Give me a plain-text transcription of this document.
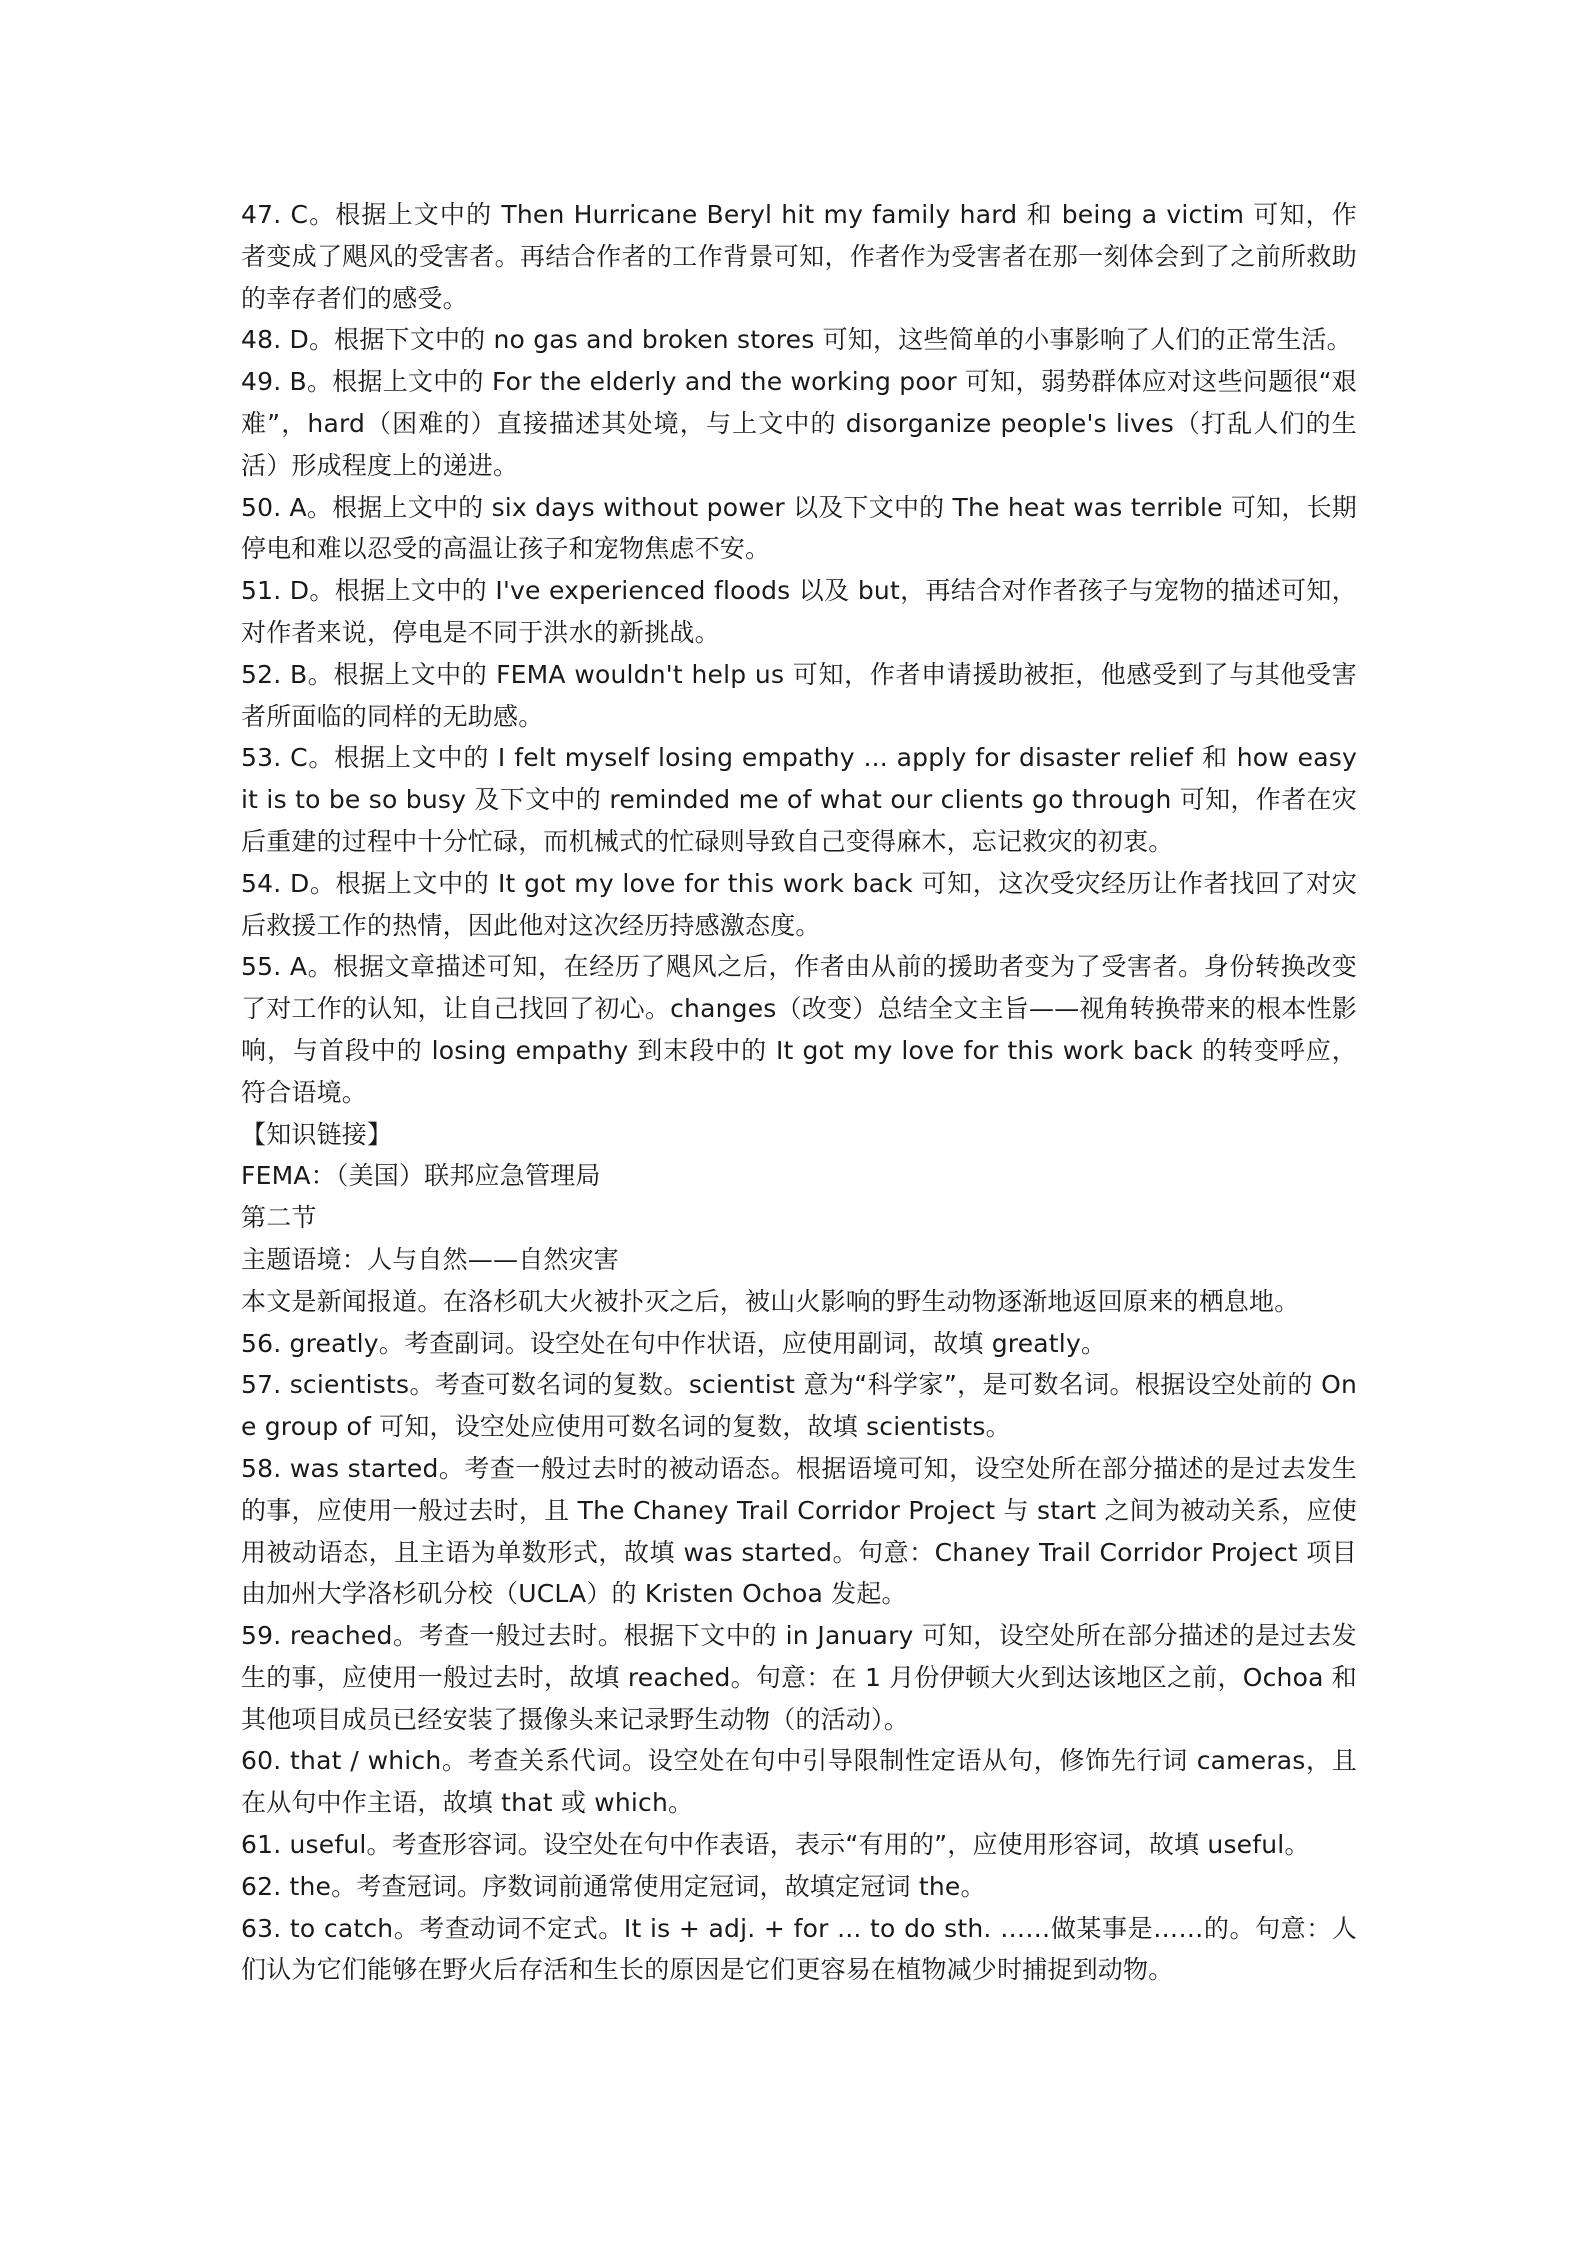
47. C。根据上文中的 Then Hurricane Beryl hit my family hard 和 being a victim 可知，作者变成了飓风的受害者。再结合作者的工作背景可知，作者作为受害者在那一刻体会到了之前所救助的幸存者们的感受。

48. D。根据下文中的 no gas and broken stores 可知，这些简单的小事影响了人们的正常生活。

49. B。根据上文中的 For the elderly and the working poor 可知，弱势群体应对这些问题很“艰难”，hard（困难的）直接描述其处境，与上文中的 disorganize people's lives（打乱人们的生活）形成程度上的递进。

50. A。根据上文中的 six days without power 以及下文中的 The heat was terrible 可知，长期停电和难以忍受的高温让孩子和宠物焦虑不安。

51. D。根据上文中的 I've experienced floods 以及 but，再结合对作者孩子与宠物的描述可知，对作者来说，停电是不同于洪水的新挑战。

52. B。根据上文中的 FEMA wouldn't help us 可知，作者申请援助被拒，他感受到了与其他受害者所面临的同样的无助感。

53. C。根据上文中的 I felt myself losing empathy ... apply for disaster relief 和 how easy it is to be so busy 及下文中的 reminded me of what our clients go through 可知，作者在灾后重建的过程中十分忙碌，而机械式的忙碌则导致自己变得麻木，忘记救灾的初衷。

54. D。根据上文中的 It got my love for this work back 可知，这次受灾经历让作者找回了对灾后救援工作的热情，因此他对这次经历持感激态度。

55. A。根据文章描述可知，在经历了飓风之后，作者由从前的援助者变为了受害者。身份转换改变了对工作的认知，让自己找回了初心。changes（改变）总结全文主旨——视角转换带来的根本性影响，与首段中的 losing empathy 到末段中的 It got my love for this work back 的转变呼应，符合语境。

【知识链接】

FEMA：（美国）联邦应急管理局

第二节

主题语境：人与自然——自然灾害

本文是新闻报道。在洛杉矶大火被扑灭之后，被山火影响的野生动物逐渐地返回原来的栖息地。

56. greatly。考查副词。设空处在句中作状语，应使用副词，故填 greatly。

57. scientists。考查可数名词的复数。scientist 意为“科学家”，是可数名词。根据设空处前的 One group of 可知，设空处应使用可数名词的复数，故填 scientists。

58. was started。考查一般过去时的被动语态。根据语境可知，设空处所在部分描述的是过去发生的事，应使用一般过去时，且 The Chaney Trail Corridor Project 与 start 之间为被动关系，应使用被动语态，且主语为单数形式，故填 was started。句意：Chaney Trail Corridor Project 项目由加州大学洛杉矶分校（UCLA）的 Kristen Ochoa 发起。

59. reached。考查一般过去时。根据下文中的 in January 可知，设空处所在部分描述的是过去发生的事，应使用一般过去时，故填 reached。句意：在 1 月份伊顿大火到达该地区之前，Ochoa 和其他项目成员已经安装了摄像头来记录野生动物（的活动）。

60. that / which。考查关系代词。设空处在句中引导限制性定语从句，修饰先行词 cameras，且在从句中作主语，故填 that 或 which。

61. useful。考查形容词。设空处在句中作表语，表示“有用的”，应使用形容词，故填 useful。

62. the。考查冠词。序数词前通常使用定冠词，故填定冠词 the。

63. to catch。考查动词不定式。It is + adj. + for ... to do sth. ……做某事是……的。句意：人们认为它们能够在野火后存活和生长的原因是它们更容易在植物减少时捕捉到动物。
